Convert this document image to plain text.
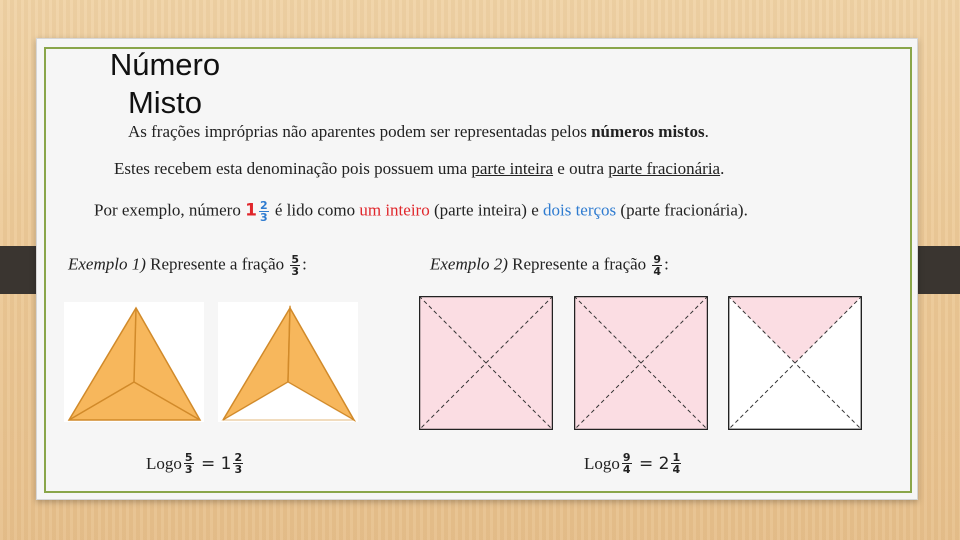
Número
Misto
As frações impróprias não aparentes podem ser representadas pelos números mistos.
Estes recebem esta denominação pois possuem uma parte inteira e outra parte fracionária.
Por exemplo, número $1 \frac{2}{3}$ é lido como um inteiro (parte inteira) e dois terços (parte fracionária).
Exemplo 1) Represente a fração $\frac{5}{3}$ :	Exemplo 2) Represente a fração $\frac{9}{4}$ :
Logo $\frac{5}{3} = 1 \frac{2}{3}$	Logo $\frac{9}{4} = 2 \frac{1}{4}$
